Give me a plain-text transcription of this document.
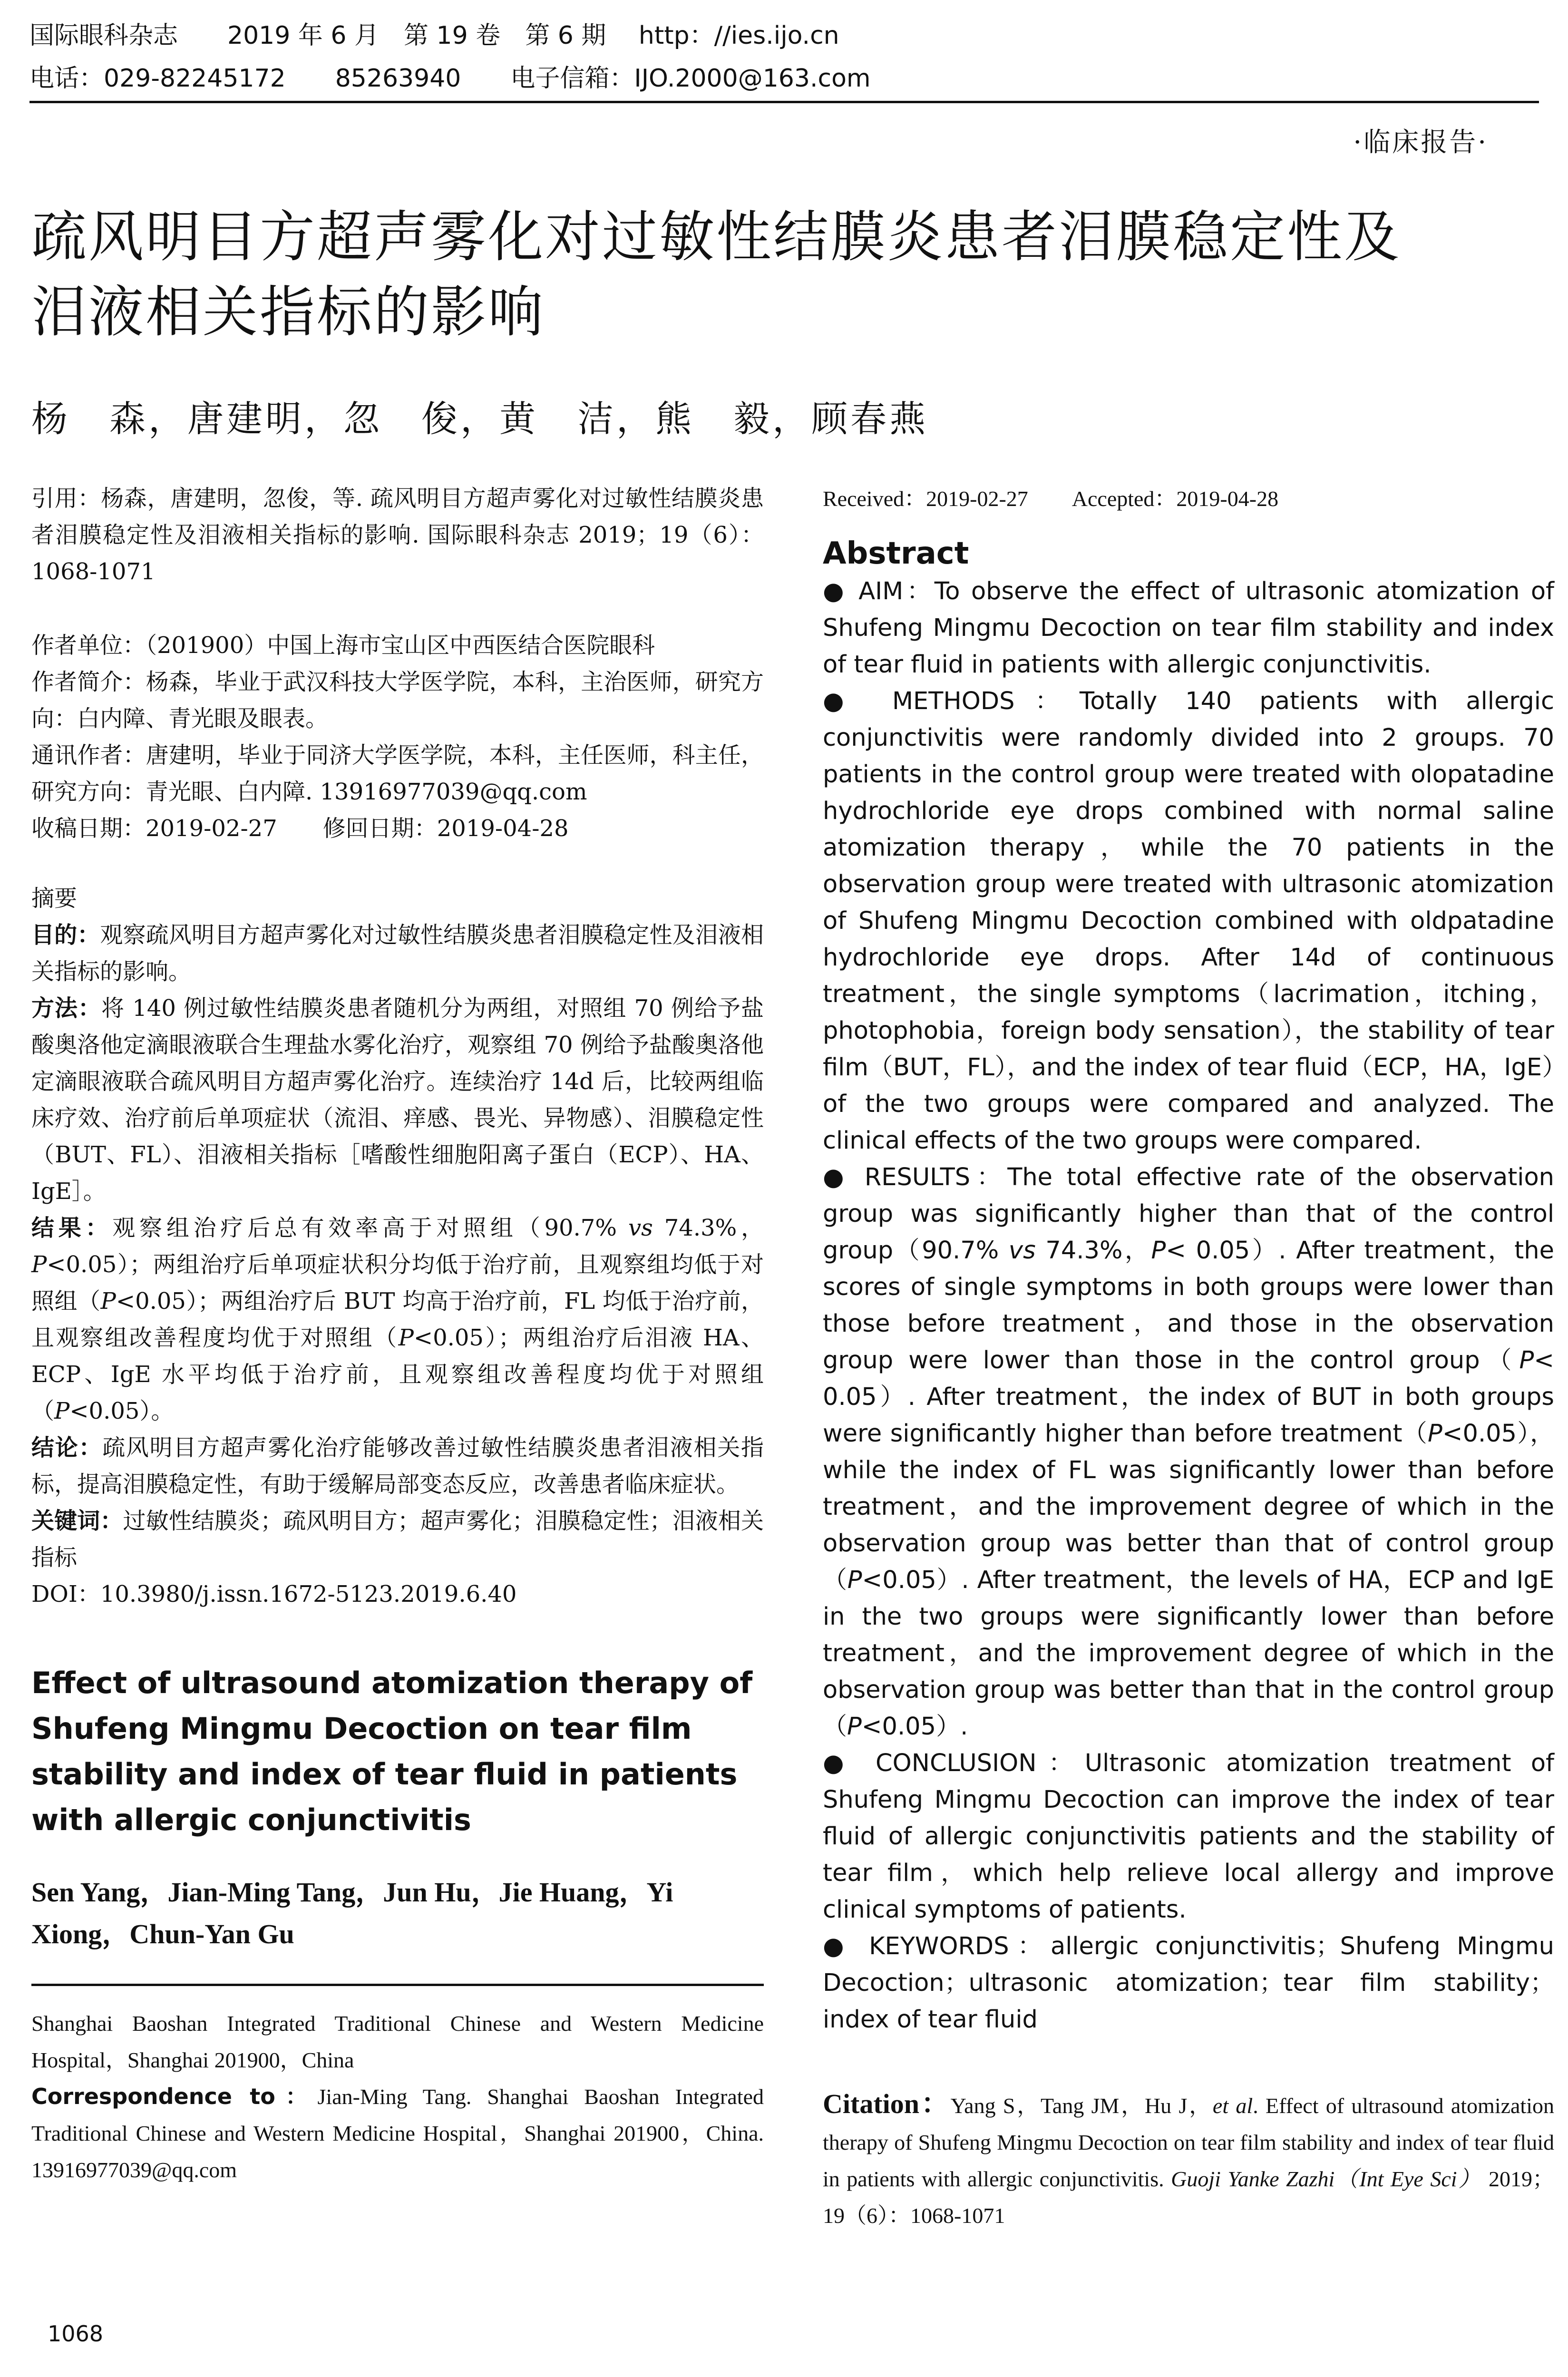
国际眼科杂志　　2019 年 6 月　第 19 卷　第 6 期　 http：//ies.ijo.cn
电话：029-82245172　　85263940　　电子信箱：IJO.2000@163.com
·临床报告·
疏风明目方超声雾化对过敏性结膜炎患者泪膜稳定性及
泪液相关指标的影响
杨　森，唐建明，忽　俊，黄　洁，熊　毅，顾春燕

引用：杨森，唐建明，忽俊，等. 疏风明目方超声雾化对过敏性结膜炎患者泪膜稳定性及泪液相关指标的影响. 国际眼科杂志 2019；19（6）：1068-1071

作者单位：（201900）中国上海市宝山区中西医结合医院眼科

作者简介：杨森，毕业于武汉科技大学医学院，本科，主治医师，研究方向：白内障、青光眼及眼表。

通讯作者：唐建明，毕业于同济大学医学院，本科，主任医师，科主任，研究方向：青光眼、白内障. 13916977039@qq.com

收稿日期：2019-02-27　　修回日期：2019-04-28

摘要

目的：观察疏风明目方超声雾化对过敏性结膜炎患者泪膜稳定性及泪液相关指标的影响。

方法：将 140 例过敏性结膜炎患者随机分为两组，对照组 70 例给予盐酸奥洛他定滴眼液联合生理盐水雾化治疗，观察组 70 例给予盐酸奥洛他定滴眼液联合疏风明目方超声雾化治疗。连续治疗 14d 后，比较两组临床疗效、治疗前后单项症状（流泪、痒感、畏光、异物感）、泪膜稳定性（BUT、FL）、泪液相关指标［嗜酸性细胞阳离子蛋白（ECP）、HA、IgE］。

结果：观察组治疗后总有效率高于对照组（90.7% vs 74.3%，P<0.05）；两组治疗后单项症状积分均低于治疗前，且观察组均低于对照组（P<0.05）；两组治疗后 BUT 均高于治疗前，FL 均低于治疗前，且观察组改善程度均优于对照组（P<0.05）；两组治疗后泪液 HA、ECP、IgE 水平均低于治疗前，且观察组改善程度均优于对照组（P<0.05）。

结论：疏风明目方超声雾化治疗能够改善过敏性结膜炎患者泪液相关指标，提高泪膜稳定性，有助于缓解局部变态反应，改善患者临床症状。

关键词：过敏性结膜炎；疏风明目方；超声雾化；泪膜稳定性；泪液相关指标

DOI：10.3980/j.issn.1672-5123.2019.6.40

Effect of ultrasound atomization therapy of Shufeng Mingmu Decoction on tear film stability and index of tear fluid in patients with allergic conjunctivitis
Sen Yang，Jian-Ming Tang，Jun Hu，Jie Huang，Yi Xiong，Chun-Yan Gu

Shanghai Baoshan Integrated Traditional Chinese and Western Medicine Hospital，Shanghai 201900，China

Correspondence to：Jian-Ming Tang. Shanghai Baoshan Integrated Traditional Chinese and Western Medicine Hospital，Shanghai 201900，China. 13916977039@qq.com

Received：2019-02-27　　Accepted：2019-04-28
Abstract

● AIM：To observe the effect of ultrasonic atomization of Shufeng Mingmu Decoction on tear film stability and index of tear fluid in patients with allergic conjunctivitis.

● METHODS：Totally 140 patients with allergic conjunctivitis were randomly divided into 2 groups. 70 patients in the control group were treated with olopatadine hydrochloride eye drops combined with normal saline atomization therapy，while the 70 patients in the observation group were treated with ultrasonic atomization of Shufeng Mingmu Decoction combined with oldpatadine hydrochloride eye drops. After 14d of continuous treatment，the single symptoms（lacrimation，itching，photophobia，foreign body sensation），the stability of tear film（BUT，FL），and the index of tear fluid（ECP，HA，IgE）of the two groups were compared and analyzed. The clinical effects of the two groups were compared.

● RESULTS：The total effective rate of the observation group was significantly higher than that of the control group（90.7% vs 74.3%，P< 0.05）. After treatment，the scores of single symptoms in both groups were lower than those before treatment，and those in the observation group were lower than those in the control group（P< 0.05）. After treatment，the index of BUT in both groups were significantly higher than before treatment（P<0.05），while the index of FL was significantly lower than before treatment，and the improvement degree of which in the observation group was better than that of control group（P<0.05）. After treatment，the levels of HA，ECP and IgE in the two groups were significantly lower than before treatment，and the improvement degree of which in the observation group was better than that in the control group（P<0.05）.

● CONCLUSION：Ultrasonic atomization treatment of Shufeng Mingmu Decoction can improve the index of tear fluid of allergic conjunctivitis patients and the stability of tear film，which help relieve local allergy and improve clinical symptoms of patients.

● KEYWORDS：allergic conjunctivitis；Shufeng Mingmu Decoction；ultrasonic atomization；tear film stability；index of tear fluid

Citation：Yang S，Tang JM，Hu J，et al. Effect of ultrasound atomization therapy of Shufeng Mingmu Decoction on tear film stability and index of tear fluid in patients with allergic conjunctivitis. Guoji Yanke Zazhi（Int Eye Sci） 2019；19（6）：1068-1071

1068
